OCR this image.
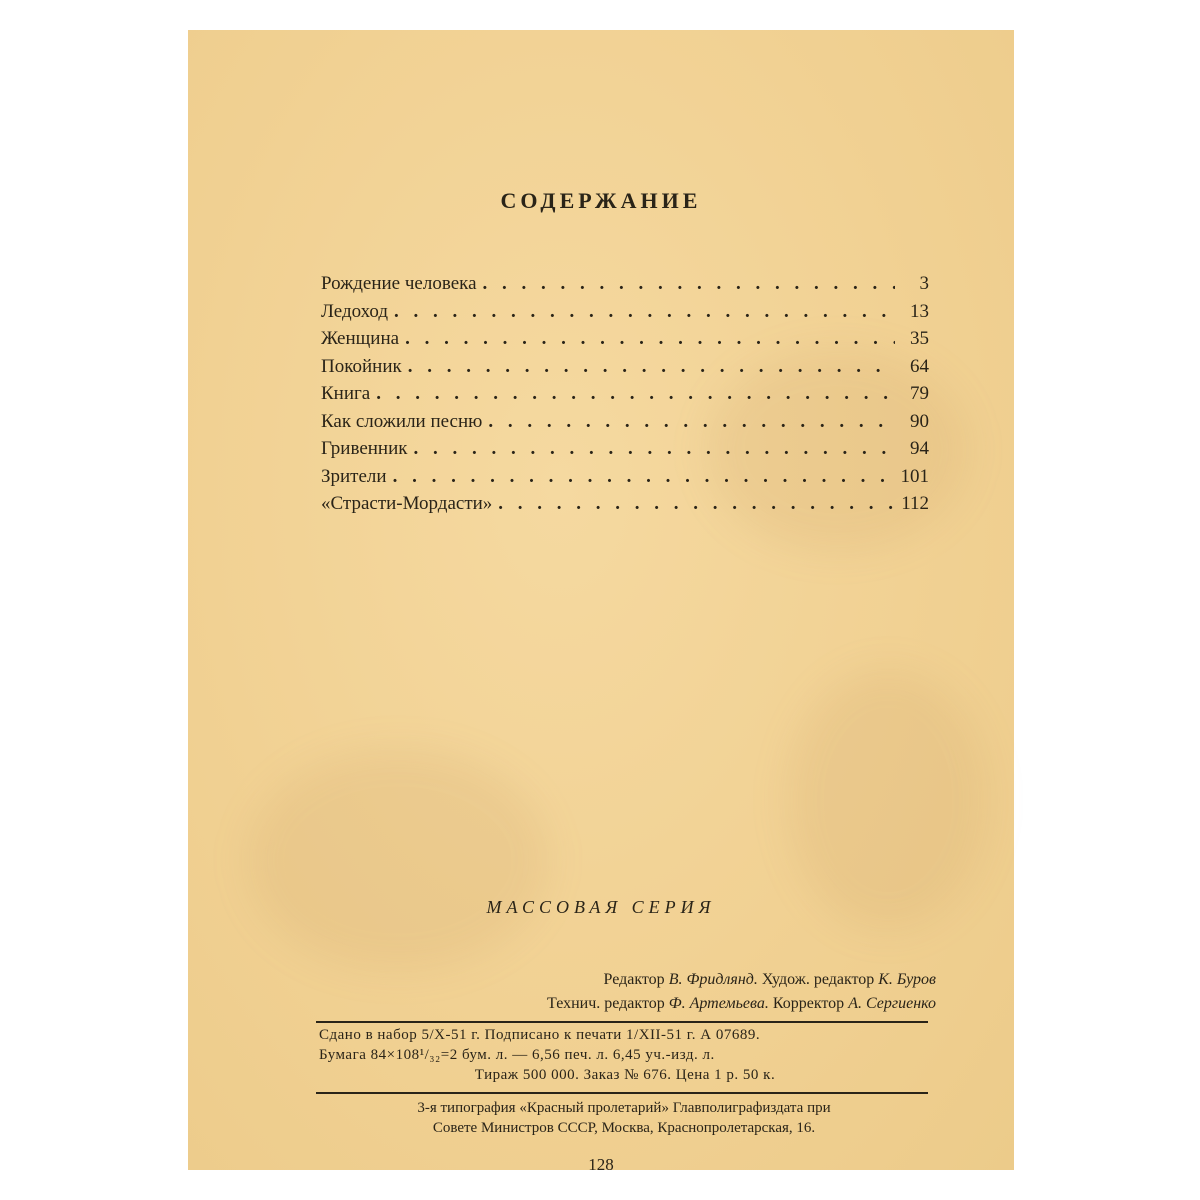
СОДЕРЖАНИЕ
Рождение человека . . .	3
Ледоход . . .	13
Женщина . . .	35
Покойник . . .	64
Книга . . .	79
Как сложили песню . . .	90
Гривенник . . .	94
Зрители . . .	101
«Страсти-Мордасти» . . .	112
МАССОВАЯ СЕРИЯ
Редактор В. Фридлянд. Худож. редактор К. Буров
Технич. редактор Ф. Артемьева. Корректор А. Сергиенко
Сдано в набор 5/X-51 г. Подписано к печати 1/XII-51 г. А 07689.
Бумага 84×108¹/₃₂=2 бум. л. — 6,56 печ. л. 6,45 уч.-изд. л.
Тираж 500 000. Заказ № 676. Цена 1 р. 50 к.
3-я типография «Красный пролетарий» Главполиграфиздата при
Совете Министров СССР, Москва, Краснопролетарская, 16.
128
